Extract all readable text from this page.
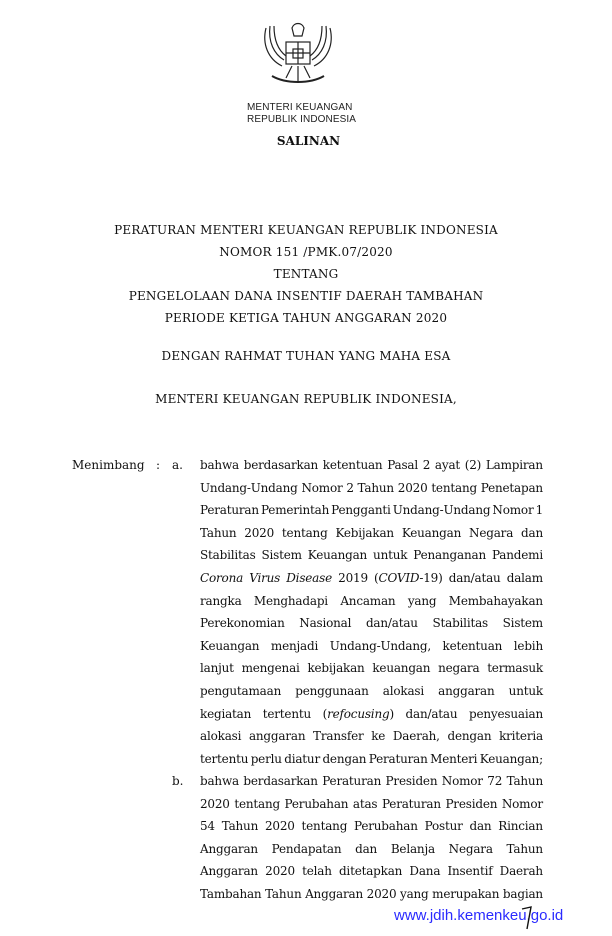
MENTERI KEUANGAN
REPUBLIK INDONESIA
SALINAN
PERATURAN MENTERI KEUANGAN REPUBLIK INDONESIA
NOMOR 151 /PMK.07/2020
TENTANG
PENGELOLAAN DANA INSENTIF DAERAH TAMBAHAN
PERIODE KETIGA TAHUN ANGGARAN 2020
DENGAN RAHMAT TUHAN YANG MAHA ESA
MENTERI KEUANGAN REPUBLIK INDONESIA,
Menimbang : a. bahwa berdasarkan ketentuan Pasal 2 ayat (2) Lampiran
Undang-Undang Nomor 2 Tahun 2020 tentang Penetapan
Peraturan Pemerintah Pengganti Undang-Undang Nomor 1
Tahun 2020 tentang Kebijakan Keuangan Negara dan
Stabilitas Sistem Keuangan untuk Penanganan Pandemi
Corona Virus Disease 2019 (COVID-19) dan/atau dalam
rangka Menghadapi Ancaman yang Membahayakan
Perekonomian Nasional dan/atau Stabilitas Sistem
Keuangan menjadi Undang-Undang, ketentuan lebih
lanjut mengenai kebijakan keuangan negara termasuk
pengutamaan penggunaan alokasi anggaran untuk
kegiatan tertentu (refocusing) dan/atau penyesuaian
alokasi anggaran Transfer ke Daerah, dengan kriteria
tertentu perlu diatur dengan Peraturan Menteri Keuangan;
b. bahwa berdasarkan Peraturan Presiden Nomor 72 Tahun
2020 tentang Perubahan atas Peraturan Presiden Nomor
54 Tahun 2020 tentang Perubahan Postur dan Rincian
Anggaran Pendapatan dan Belanja Negara Tahun
Anggaran 2020 telah ditetapkan Dana Insentif Daerah
Tambahan Tahun Anggaran 2020 yang merupakan bagian
www.jdih.kemenkeu.go.id
